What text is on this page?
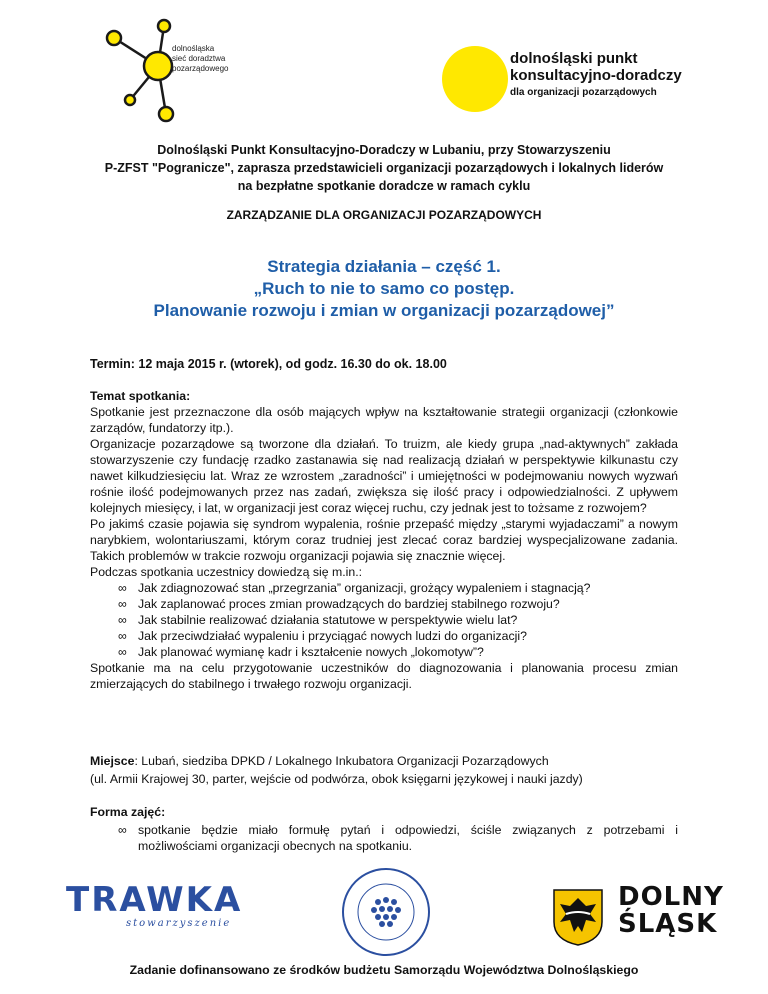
dolnośląska
sieć doradztwa
pozarządowego
dolnośląski punkt
konsultacyjno-doradczy
dla organizacji pozarządowych
Dolnośląski Punkt Konsultacyjno-Doradczy w Lubaniu, przy Stowarzyszeniu
P-ZFST "Pogranicze", zaprasza przedstawicieli organizacji pozarządowych i lokalnych liderów
na bezpłatne spotkanie doradcze w ramach cyklu
ZARZĄDZANIE DLA ORGANIZACJI POZARZĄDOWYCH
Strategia działania – część 1.
„Ruch to nie to samo co postęp.
Planowanie rozwoju i zmian w organizacji pozarządowej”
Termin: 12 maja 2015 r. (wtorek), od godz. 16.30 do ok. 18.00

Temat spotkania:

Spotkanie jest przeznaczone dla osób mających wpływ na kształtowanie strategii organizacji (członkowie zarządów, fundatorzy itp.).

Organizacje pozarządowe są tworzone dla działań. To truizm, ale kiedy grupa „nad-aktywnych” zakłada stowarzyszenie czy fundację rzadko zastanawia się nad realizacją działań w perspektywie kilkunastu czy nawet kilkudziesięciu lat. Wraz ze wzrostem „zaradności” i umiejętności w podejmowaniu nowych wyzwań rośnie ilość podejmowanych przez nas zadań, zwiększa się ilość pracy i odpowiedzialności. Z upływem kolejnych miesięcy, i lat, w organizacji jest coraz więcej ruchu, czy jednak jest to tożsame z rozwojem?

Po jakimś czasie pojawia się syndrom wypalenia, rośnie przepaść między „starymi wyjadaczami” a nowym narybkiem, wolontariuszami, którym coraz trudniej jest zlecać coraz bardziej wyspecjalizowane zadania. Takich problemów w trakcie rozwoju organizacji pojawia się znacznie więcej.

Podczas spotkania uczestnicy dowiedzą się m.in.:

∞ Jak zdiagnozować stan „przegrzania” organizacji, grożący wypaleniem i stagnacją?
∞ Jak zaplanować proces zmian prowadzących do bardziej stabilnego rozwoju?
∞ Jak stabilnie realizować działania statutowe w perspektywie wielu lat?
∞ Jak przeciwdziałać wypaleniu i przyciągać nowych ludzi do organizacji?
∞ Jak planować wymianę kadr i kształcenie nowych „lokomotyw”?

Spotkanie ma na celu przygotowanie uczestników do diagnozowania i planowania procesu zmian zmierzających do stabilnego i trwałego rozwoju organizacji.

Miejsce: Lubań, siedziba DPKD / Lokalnego Inkubatora Organizacji Pozarządowych
(ul. Armii Krajowej 30, parter, wejście od podwórza, obok księgarni językowej i nauki jazdy)
Forma zajęć:
∞ spotkanie będzie miało formułę pytań i odpowiedzi, ściśle związanych z potrzebami i możliwościami organizacji obecnych na spotkaniu.
TRAWKA
stowarzyszenie
DOLNY
ŚLĄSK
Zadanie dofinansowano ze środków budżetu Samorządu Województwa Dolnośląskiego
